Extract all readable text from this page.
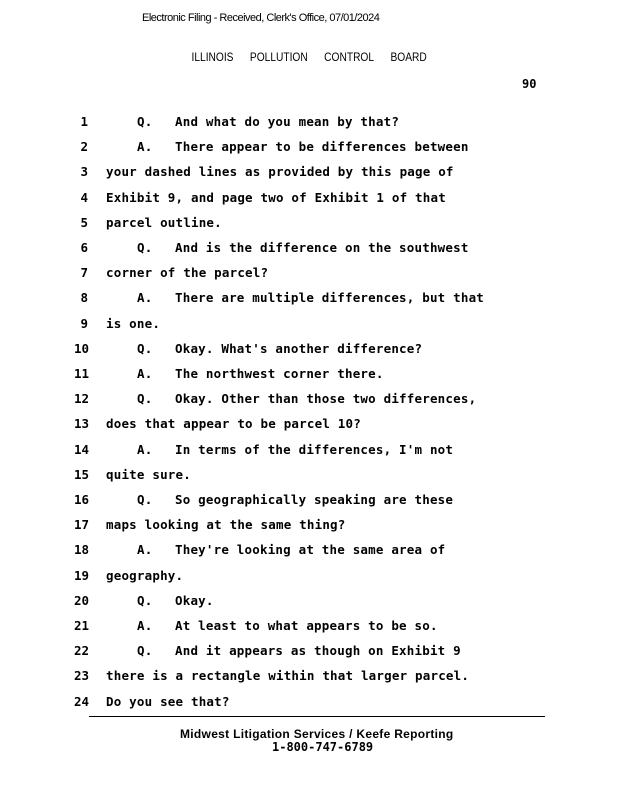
Electronic Filing - Received, Clerk's Office, 07/01/2024
ILLINOIS POLLUTION CONTROL BOARD
90
1	Q. And what do you mean by that?
2	A. There appear to be differences between
3 your dashed lines as provided by this page of
4 Exhibit 9, and page two of Exhibit 1 of that
5 parcel outline.
6	Q. And is the difference on the southwest
7 corner of the parcel?
8	A. There are multiple differences, but that
9 is one.
10	Q. Okay. What's another difference?
11	A. The northwest corner there.
12	Q. Okay. Other than those two differences,
13 does that appear to be parcel 10?
14	A. In terms of the differences, I'm not
15 quite sure.
16	Q. So geographically speaking are these
17 maps looking at the same thing?
18	A. They're looking at the same area of
19 geography.
20	Q. Okay.
21	A. At least to what appears to be so.
22	Q. And it appears as though on Exhibit 9
23 there is a rectangle within that larger parcel.
24 Do you see that?
Midwest Litigation Services / Keefe Reporting
1-800-747-6789
